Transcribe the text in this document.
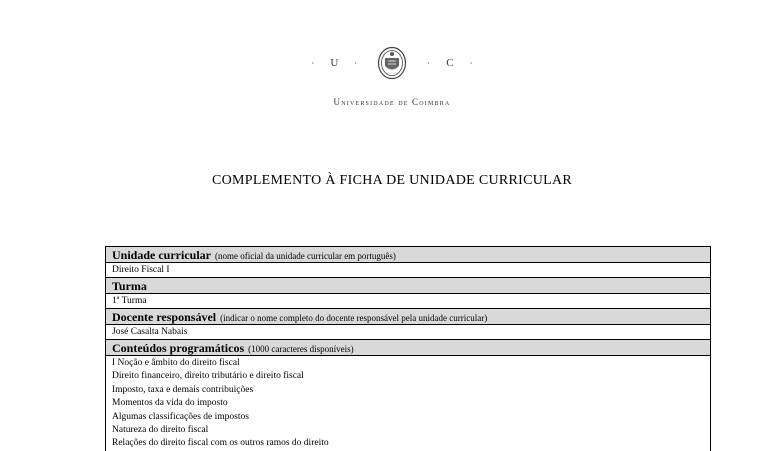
· U ·	· C ·
Universidade de Coimbra
COMPLEMENTO À FICHA DE UNIDADE CURRICULAR
Unidade curricular (nome oficial da unidade curricular em português)
Direito Fiscal I
Turma
1ª Turma
Docente responsável (indicar o nome completo do docente responsável pela unidade curricular)
José Casalta Nabais
Conteúdos programáticos (1000 caracteres disponíveis)
I Noção e âmbito do direito fiscal
Direito financeiro, direito tributário e direito fiscal
Imposto, taxa e demais contribuições
Momentos da vida do imposto
Algumas classificações de impostos
Natureza do direito fiscal
Relações do direito fiscal com os outros ramos do direito
